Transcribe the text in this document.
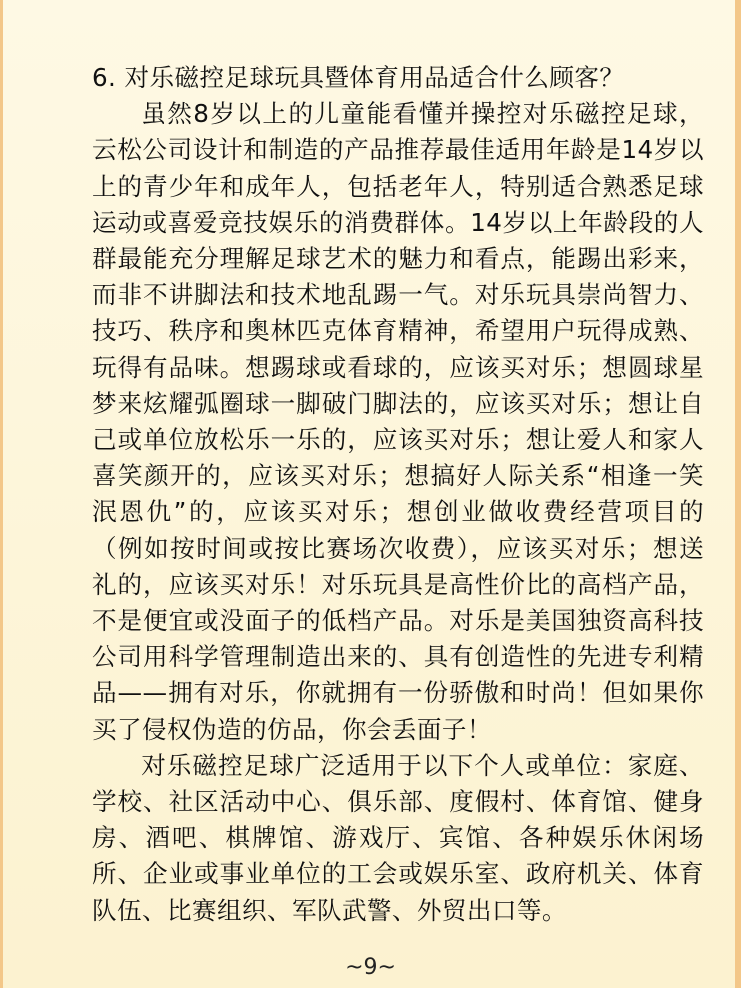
6. 对乐磁控足球玩具暨体育用品适合什么顾客？

虽然8岁以上的儿童能看懂并操控对乐磁控足球，云松公司设计和制造的产品推荐最佳适用年龄是14岁以上的青少年和成年人，包括老年人，特别适合熟悉足球运动或喜爱竞技娱乐的消费群体。14岁以上年龄段的人群最能充分理解足球艺术的魅力和看点，能踢出彩来，而非不讲脚法和技术地乱踢一气。对乐玩具崇尚智力、技巧、秩序和奥林匹克体育精神，希望用户玩得成熟、玩得有品味。想踢球或看球的，应该买对乐；想圆球星梦来炫耀弧圈球一脚破门脚法的，应该买对乐；想让自己或单位放松乐一乐的，应该买对乐；想让爱人和家人喜笑颜开的，应该买对乐；想搞好人际关系“相逢一笑泯恩仇”的，应该买对乐；想创业做收费经营项目的（例如按时间或按比赛场次收费），应该买对乐；想送礼的，应该买对乐！对乐玩具是高性价比的高档产品，不是便宜或没面子的低档产品。对乐是美国独资高科技公司用科学管理制造出来的、具有创造性的先进专利精品——拥有对乐，你就拥有一份骄傲和时尚！但如果你买了侵权伪造的仿品，你会丢面子！

对乐磁控足球广泛适用于以下个人或单位：家庭、学校、社区活动中心、俱乐部、度假村、体育馆、健身房、酒吧、棋牌馆、游戏厅、宾馆、各种娱乐休闲场所、企业或事业单位的工会或娱乐室、政府机关、体育队伍、比赛组织、军队武警、外贸出口等。

~9~
